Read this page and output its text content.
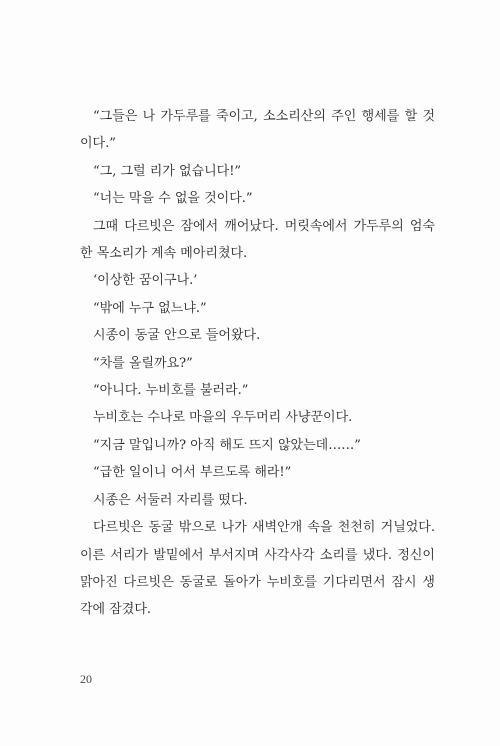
“그들은 나 가두루를 죽이고, 소소리산의 주인 행세를 할 것이다.”

“그, 그럴 리가 없습니다!”

“너는 막을 수 없을 것이다.”

그때 다르빗은 잠에서 깨어났다. 머릿속에서 가두루의 엄숙한 목소리가 계속 메아리쳤다.

‘이상한 꿈이구나.’

“밖에 누구 없느냐.”

시종이 동굴 안으로 들어왔다.

“차를 올릴까요?”

“아니다. 누비호를 불러라.”

누비호는 수나로 마을의 우두머리 사냥꾼이다.

“지금 말입니까? 아직 해도 뜨지 않았는데……”

“급한 일이니 어서 부르도록 해라!”

시종은 서둘러 자리를 떴다.

다르빗은 동굴 밖으로 나가 새벽안개 속을 천천히 거닐었다. 이른 서리가 발밑에서 부서지며 사각사각 소리를 냈다. 정신이 맑아진 다르빗은 동굴로 돌아가 누비호를 기다리면서 잠시 생각에 잠겼다.

20
